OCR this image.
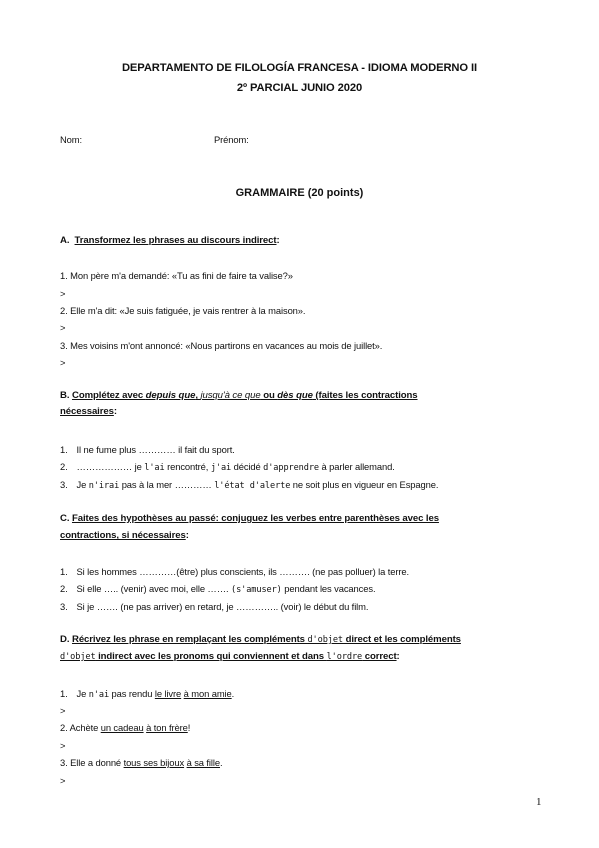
DEPARTAMENTO DE FILOLOGÍA FRANCESA - IDIOMA MODERNO II
2º PARCIAL JUNIO 2020
Nom:	Prénom:
GRAMMAIRE (20 points)
A. Transformez les phrases au discours indirect:
1. Mon père m'a demandé: «Tu as fini de faire ta valise?»
>
2. Elle m'a dit: «Je suis fatiguée, je vais rentrer à la maison».
>
3. Mes voisins m'ont annoncé: «Nous partirons en vacances au mois de juillet».
>
B. Complétez avec depuis que, jusqu'à ce que ou dès que (faites les contractions
nécessaires:
1. Il ne fume plus ………… il fait du sport.
2. ……………… je l'ai rencontré, j'ai décidé d'apprendre à parler allemand.
3. Je n'irai pas à la mer ………… l'état d'alerte ne soit plus en vigueur en Espagne.
C. Faites des hypothèses au passé: conjuguez les verbes entre parenthèses avec les
contractions, si nécessaires:
1. Si les hommes …………(être) plus conscients, ils ………. (ne pas polluer) la terre.
2. Si elle ….. (venir) avec moi, elle ……. (s'amuser) pendant les vacances.
3. Si je ……. (ne pas arriver) en retard, je ………….. (voir) le début du film.
D. Récrivez les phrase en remplaçant les compléments d'objet direct et les compléments
d'objet indirect avec les pronoms qui conviennent et dans l'ordre correct:
1. Je n'ai pas rendu le livre à mon amie.
>
2. Achète un cadeau à ton frère!
>
3. Elle a donné tous ses bijoux à sa fille.
>
1
